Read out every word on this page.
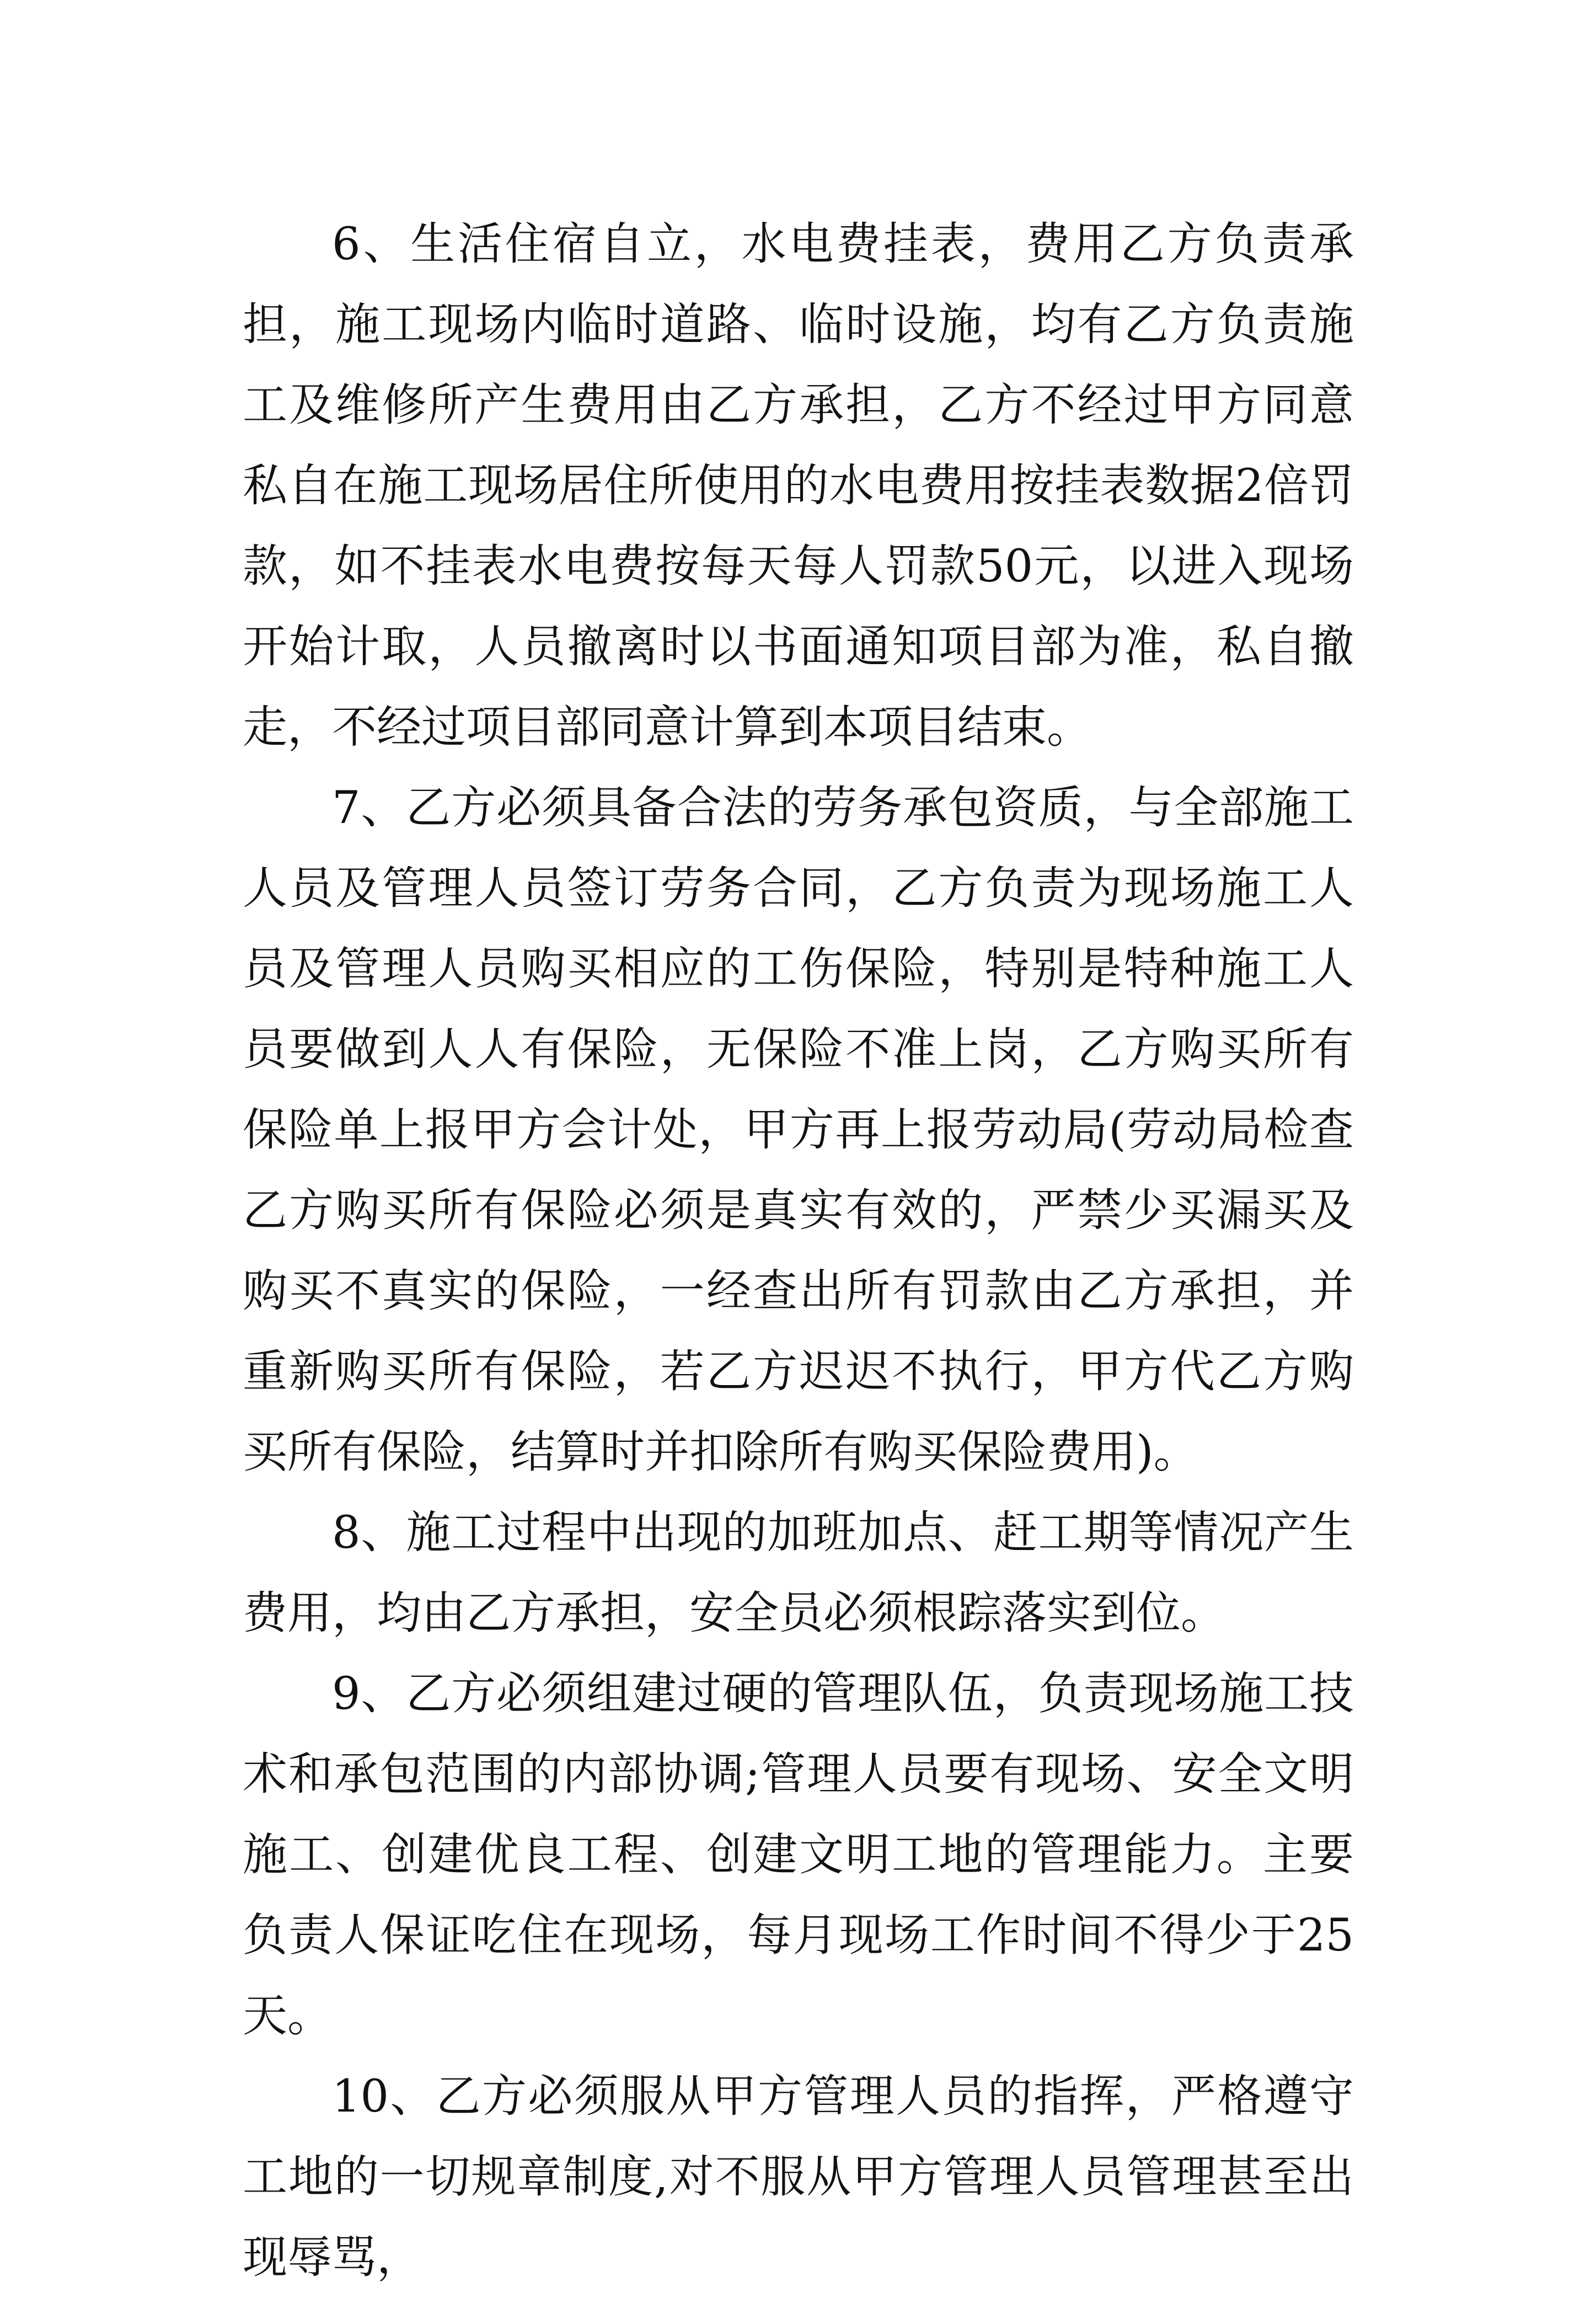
6、生活住宿自立，水电费挂表，费用乙方负责承担，施工现场内临时道路、临时设施，均有乙方负责施工及维修所产生费用由乙方承担，乙方不经过甲方同意私自在施工现场居住所使用的水电费用按挂表数据2倍罚款，如不挂表水电费按每天每人罚款50元，以进入现场开始计取，人员撤离时以书面通知项目部为准，私自撤走，不经过项目部同意计算到本项目结束。

7、乙方必须具备合法的劳务承包资质，与全部施工人员及管理人员签订劳务合同，乙方负责为现场施工人员及管理人员购买相应的工伤保险，特别是特种施工人员要做到人人有保险，无保险不准上岗，乙方购买所有保险单上报甲方会计处，甲方再上报劳动局(劳动局检查乙方购买所有保险必须是真实有效的，严禁少买漏买及购买不真实的保险，一经查出所有罚款由乙方承担，并重新购买所有保险，若乙方迟迟不执行，甲方代乙方购买所有保险，结算时并扣除所有购买保险费用)。

8、施工过程中出现的加班加点、赶工期等情况产生费用，均由乙方承担，安全员必须根踪落实到位。

9、乙方必须组建过硬的管理队伍，负责现场施工技术和承包范围的内部协调;管理人员要有现场、安全文明施工、创建优良工程、创建文明工地的管理能力。主要负责人保证吃住在现场，每月现场工作时间不得少于25天。

10、乙方必须服从甲方管理人员的指挥，严格遵守工地的一切规章制度,对不服从甲方管理人员管理甚至出现辱骂，
